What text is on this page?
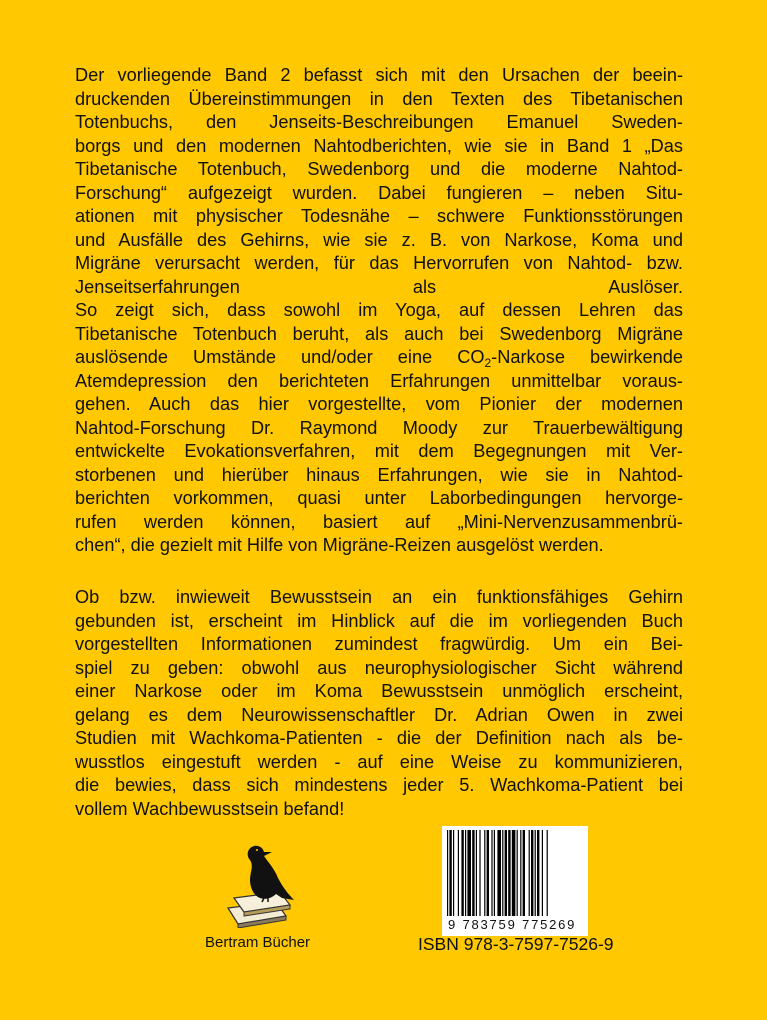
Der vorliegende Band 2 befasst sich mit den Ursachen der beein-
druckenden Übereinstimmungen in den Texten des Tibetanischen
Totenbuchs, den Jenseits-Beschreibungen Emanuel Sweden-
borgs und den modernen Nahtodberichten, wie sie in Band 1 „Das
Tibetanische Totenbuch, Swedenborg und die moderne Nahtod-
Forschung“ aufgezeigt wurden. Dabei fungieren – neben Situ-
ationen mit physischer Todesnähe – schwere Funktionsstörungen
und Ausfälle des Gehirns, wie sie z. B. von Narkose, Koma und
Migräne verursacht werden, für das Hervorrufen von Nahtod- bzw.
Jenseitserfahrungen als Auslöser.
So zeigt sich, dass sowohl im Yoga, auf dessen Lehren das
Tibetanische Totenbuch beruht, als auch bei Swedenborg Migräne
auslösende Umstände und/oder eine $CO_2$-Narkose bewirkende
Atemdepression den berichteten Erfahrungen unmittelbar voraus-
gehen. Auch das hier vorgestellte, vom Pionier der modernen
Nahtod-Forschung Dr. Raymond Moody zur Trauerbewältigung
entwickelte Evokationsverfahren, mit dem Begegnungen mit Ver-
storbenen und hierüber hinaus Erfahrungen, wie sie in Nahtod-
berichten vorkommen, quasi unter Laborbedingungen hervorge-
rufen werden können, basiert auf „Mini-Nervenzusammenbrü-
chen“, die gezielt mit Hilfe von Migräne-Reizen ausgelöst werden.
Ob bzw. inwieweit Bewusstsein an ein funktionsfähiges Gehirn
gebunden ist, erscheint im Hinblick auf die im vorliegenden Buch
vorgestellten Informationen zumindest fragwürdig. Um ein Bei-
spiel zu geben: obwohl aus neurophysiologischer Sicht während
einer Narkose oder im Koma Bewusstsein unmöglich erscheint,
gelang es dem Neurowissenschaftler Dr. Adrian Owen in zwei
Studien mit Wachkoma-Patienten - die der Definition nach als be-
wusstlos eingestuft werden - auf eine Weise zu kommunizieren,
die bewies, dass sich mindestens jeder 5. Wachkoma-Patient bei
vollem Wachbewusstsein befand!
Bertram Bücher
9 783759 775269
ISBN 978-3-7597-7526-9
